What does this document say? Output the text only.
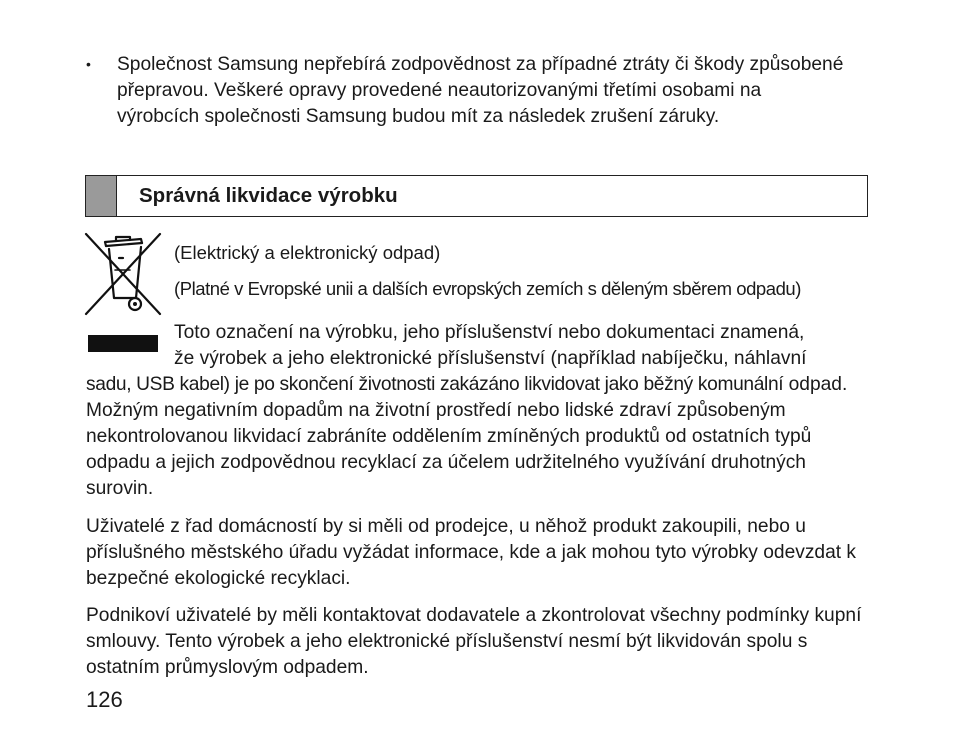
• Společnost Samsung nepřebírá zodpovědnost za případné ztráty či škody způsobené přepravou. Veškeré opravy provedené neautorizovanými třetími osobami na výrobcích společnosti Samsung budou mít za následek zrušení záruky.
Správná likvidace výrobku
(Elektrický a elektronický odpad)
(Platné v Evropské unii a dalších evropských zemích s děleným sběrem odpadu)
Toto označení na výrobku, jeho příslušenství nebo dokumentaci znamená,
že výrobek a jeho elektronické příslušenství (například nabíječku, náhlavní
sadu, USB kabel) je po skončení životnosti zakázáno likvidovat jako běžný komunální odpad. Možným negativním dopadům na životní prostředí nebo lidské zdraví způsobeným nekontrolovanou likvidací zabráníte oddělením zmíněných produktů od ostatních typů odpadu a jejich zodpovědnou recyklací za účelem udržitelného využívání druhotných surovin.
Uživatelé z řad domácností by si měli od prodejce, u něhož produkt zakoupili, nebo u příslušného městského úřadu vyžádat informace, kde a jak mohou tyto výrobky odevzdat k bezpečné ekologické recyklaci.
Podnikoví uživatelé by měli kontaktovat dodavatele a zkontrolovat všechny podmínky kupní smlouvy. Tento výrobek a jeho elektronické příslušenství nesmí být likvidován spolu s ostatním průmyslovým odpadem.
126
